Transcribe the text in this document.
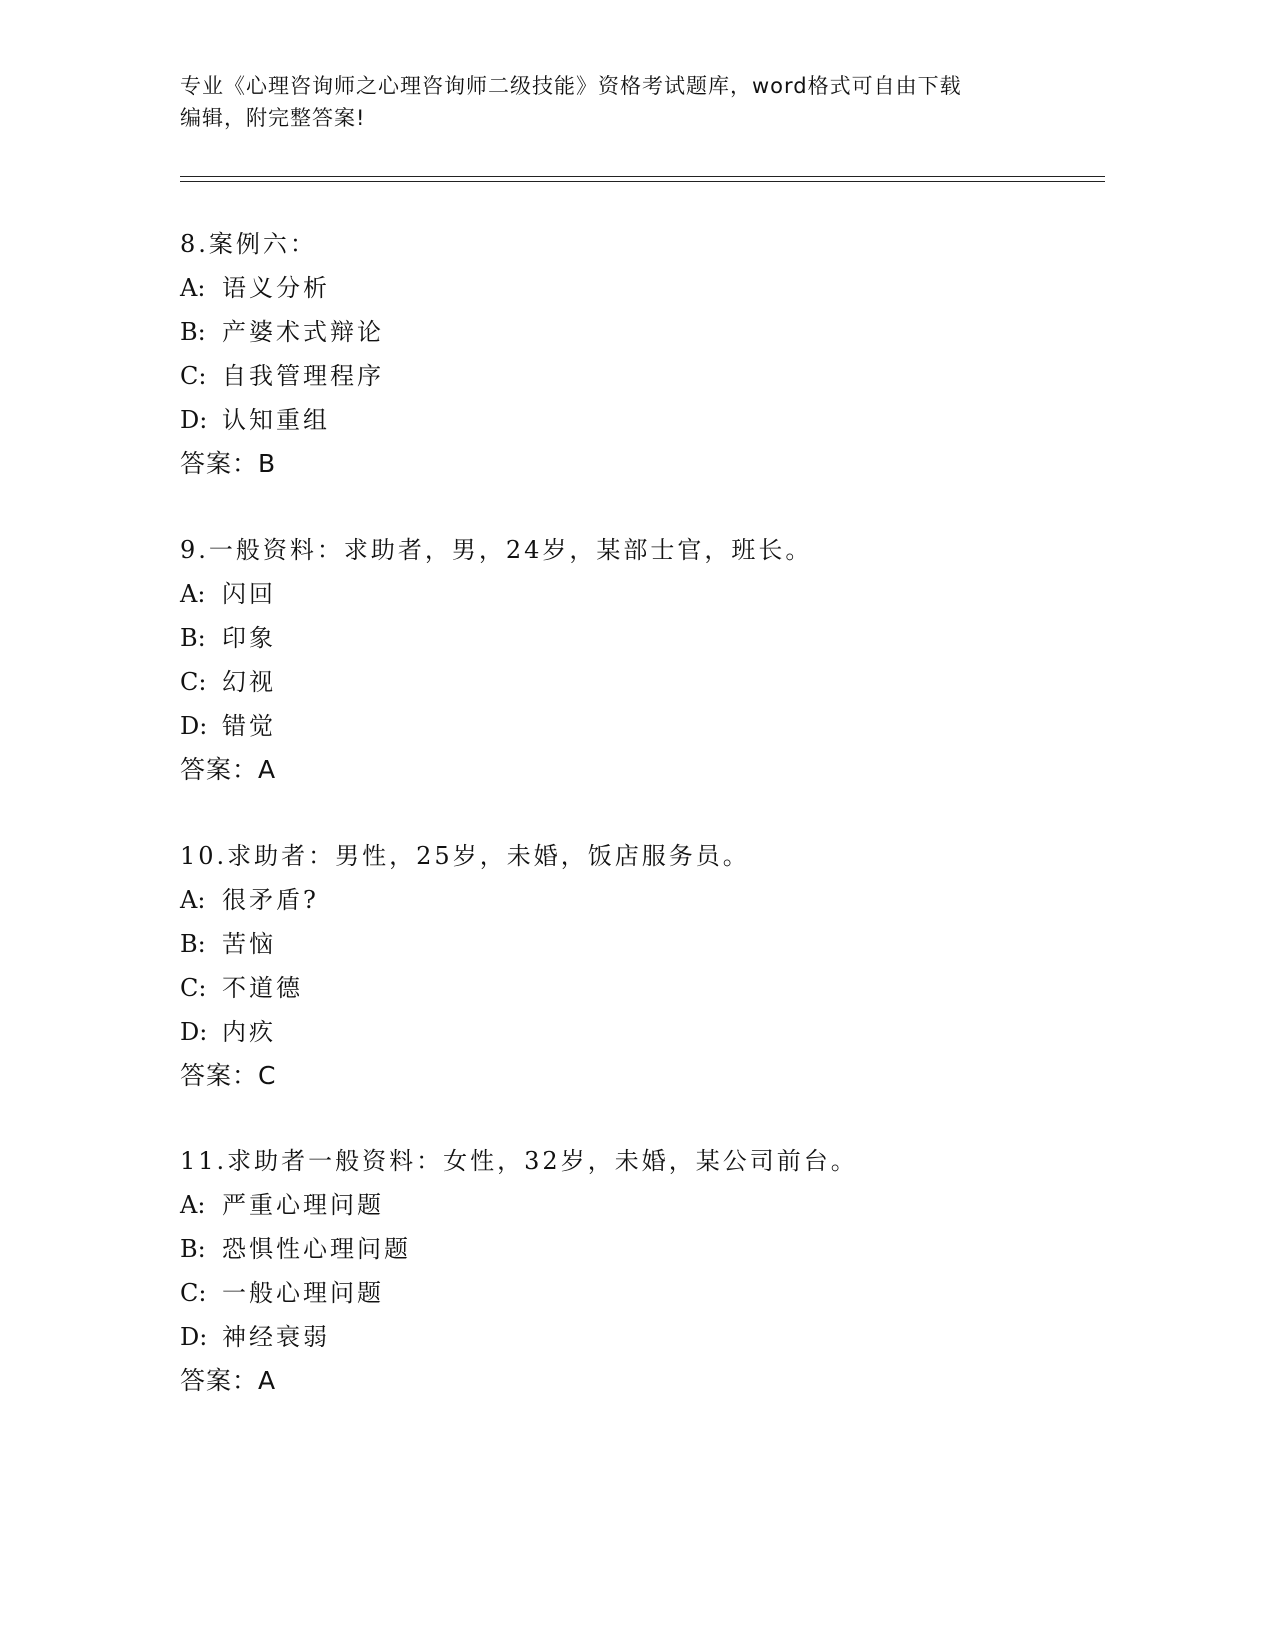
专业《心理咨询师之心理咨询师二级技能》资格考试题库，word格式可自由下载
编辑，附完整答案!
8.案例六：
A: 语义分析
B: 产婆术式辩论
C: 自我管理程序
D: 认知重组
答案：B
9.一般资料：求助者，男，24岁，某部士官，班长。
A: 闪回
B: 印象
C: 幻视
D: 错觉
答案：A
10.求助者：男性，25岁，未婚，饭店服务员。
A: 很矛盾?
B: 苦恼
C: 不道德
D: 内疚
答案：C
11.求助者一般资料：女性，32岁，未婚，某公司前台。
A: 严重心理问题
B: 恐惧性心理问题
C: 一般心理问题
D: 神经衰弱
答案：A
